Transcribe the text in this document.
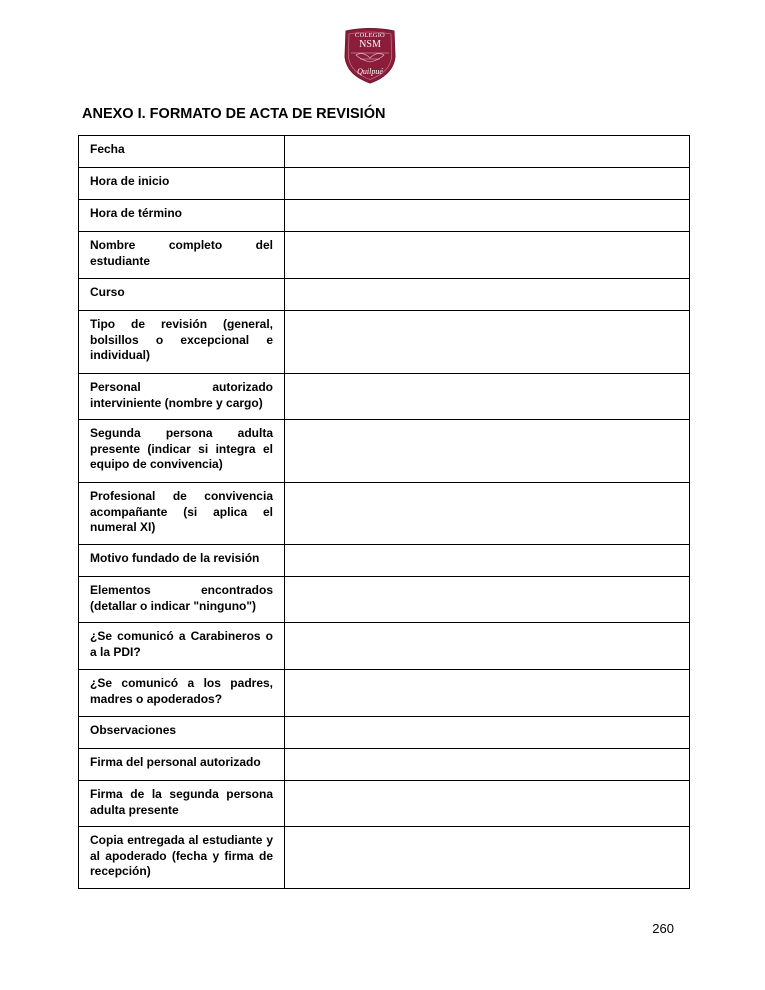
COLEGIO
NSM
Quilpué
ANEXO I. FORMATO DE ACTA DE REVISIÓN
Fecha	
Hora de inicio	
Hora de término	
Nombre completo del estudiante	
Curso	
Tipo de revisión (general, bolsillos o excepcional e individual)	
Personal autorizado interviniente (nombre y cargo)	
Segunda persona adulta presente (indicar si integra el equipo de convivencia)	
Profesional de convivencia acompañante (si aplica el numeral XI)	
Motivo fundado de la revisión	
Elementos encontrados (detallar o indicar "ninguno")	
¿Se comunicó a Carabineros o a la PDI?	
¿Se comunicó a los padres, madres o apoderados?	
Observaciones	
Firma del personal autorizado	
Firma de la segunda persona adulta presente	
Copia entregada al estudiante y al apoderado (fecha y firma de recepción)	
260
